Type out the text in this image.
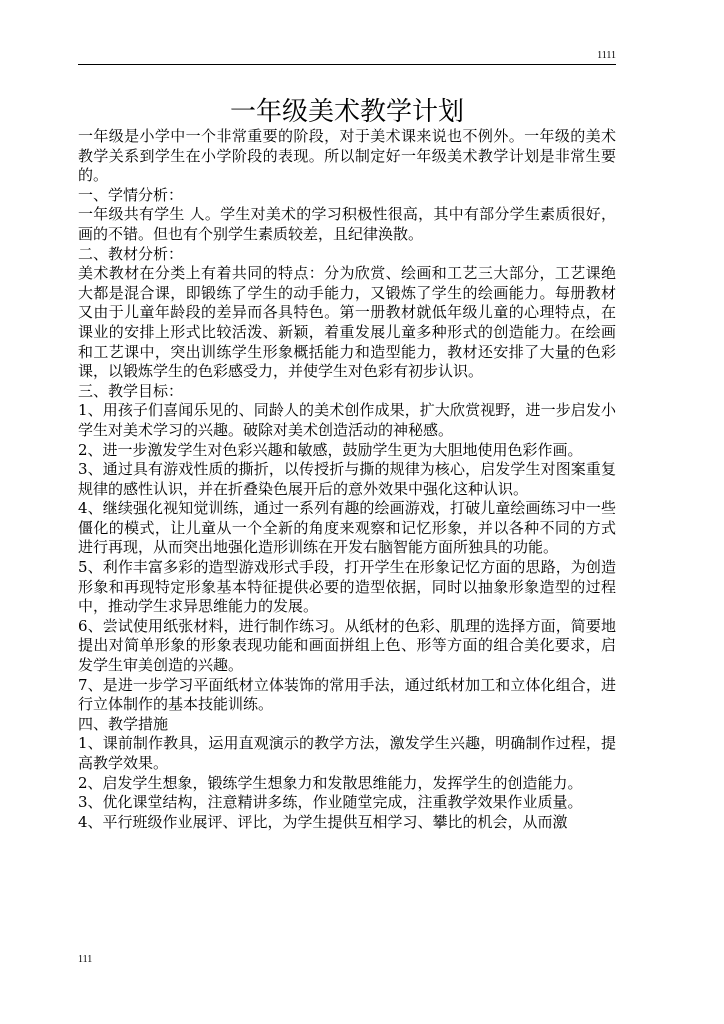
1111
一年级美术教学计划

一年级是小学中一个非常重要的阶段，对于美术课来说也不例外。一年级的美术教学关系到学生在小学阶段的表现。所以制定好一年级美术教学计划是非常生要的。

一、学情分析：

一年级共有学生 人。学生对美术的学习积极性很高，其中有部分学生素质很好，画的不错。但也有个别学生素质较差，且纪律涣散。

二、教材分析：

美术教材在分类上有着共同的特点：分为欣赏、绘画和工艺三大部分，工艺课绝大都是混合课，即锻练了学生的动手能力，又锻炼了学生的绘画能力。每册教材又由于儿童年龄段的差异而各具特色。第一册教材就低年级儿童的心理特点，在课业的安排上形式比较活泼、新颖，着重发展儿童多种形式的创造能力。在绘画和工艺课中，突出训练学生形象概括能力和造型能力，教材还安排了大量的色彩课，以锻炼学生的色彩感受力，并使学生对色彩有初步认识。

三、教学目标：

1、用孩子们喜闻乐见的、同龄人的美术创作成果，扩大欣赏视野，进一步启发小学生对美术学习的兴趣。破除对美术创造活动的神秘感。

2、进一步激发学生对色彩兴趣和敏感，鼓励学生更为大胆地使用色彩作画。

3、通过具有游戏性质的撕折，以传授折与撕的规律为核心，启发学生对图案重复规律的感性认识，并在折叠染色展开后的意外效果中强化这种认识。

4、继续强化视知觉训练，通过一系列有趣的绘画游戏，打破儿童绘画练习中一些僵化的模式，让儿童从一个全新的角度来观察和记忆形象，并以各种不同的方式进行再现，从而突出地强化造形训练在开发右脑智能方面所独具的功能。

5、利作丰富多彩的造型游戏形式手段，打开学生在形象记忆方面的思路，为创造形象和再现特定形象基本特征提供必要的造型依据，同时以抽象形象造型的过程中，推动学生求异思维能力的发展。

6、尝试使用纸张材料，进行制作练习。从纸材的色彩、肌理的选择方面，简要地提出对简单形象的形象表现功能和画面拼组上色、形等方面的组合美化要求，启发学生审美创造的兴趣。

7、是进一步学习平面纸材立体装饰的常用手法，通过纸材加工和立体化组合，进行立体制作的基本技能训练。

四、教学措施

1、课前制作教具，运用直观演示的教学方法，激发学生兴趣，明确制作过程，提高教学效果。

2、启发学生想象，锻练学生想象力和发散思维能力，发挥学生的创造能力。

3、优化课堂结构，注意精讲多练，作业随堂完成，注重教学效果作业质量。

4、平行班级作业展评、评比，为学生提供互相学习、攀比的机会，从而激

111
